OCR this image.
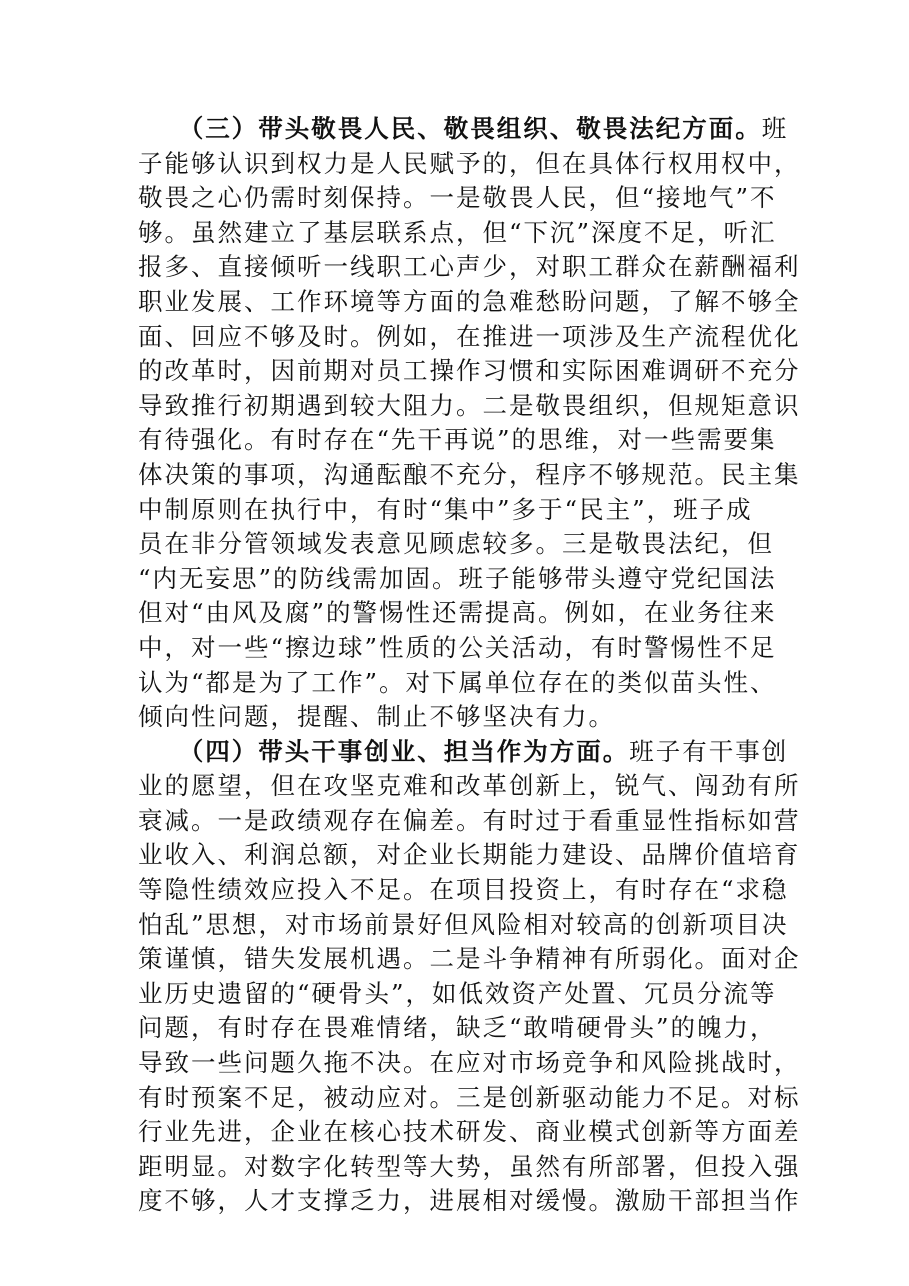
　　（三）带头敬畏人民、敬畏组织、敬畏法纪方面。班
子能够认识到权力是人民赋予的，但在具体行权用权中，
敬畏之心仍需时刻保持。一是敬畏人民，但“接地气”不
够。虽然建立了基层联系点，但“下沉”深度不足，听汇
报多、直接倾听一线职工心声少，对职工群众在薪酬福利
职业发展、工作环境等方面的急难愁盼问题，了解不够全
面、回应不够及时。例如，在推进一项涉及生产流程优化
的改革时，因前期对员工操作习惯和实际困难调研不充分
导致推行初期遇到较大阻力。二是敬畏组织，但规矩意识
有待强化。有时存在“先干再说”的思维，对一些需要集
体决策的事项，沟通酝酿不充分，程序不够规范。民主集
中制原则在执行中，有时“集中”多于“民主”，班子成
员在非分管领域发表意见顾虑较多。三是敬畏法纪，但
“内无妄思”的防线需加固。班子能够带头遵守党纪国法
但对“由风及腐”的警惕性还需提高。例如，在业务往来
中，对一些“擦边球”性质的公关活动，有时警惕性不足
认为“都是为了工作”。对下属单位存在的类似苗头性、
倾向性问题，提醒、制止不够坚决有力。
　　（四）带头干事创业、担当作为方面。班子有干事创
业的愿望，但在攻坚克难和改革创新上，锐气、闯劲有所
衰减。一是政绩观存在偏差。有时过于看重显性指标如营
业收入、利润总额，对企业长期能力建设、品牌价值培育
等隐性绩效应投入不足。在项目投资上，有时存在“求稳
怕乱”思想，对市场前景好但风险相对较高的创新项目决
策谨慎，错失发展机遇。二是斗争精神有所弱化。面对企
业历史遗留的“硬骨头”，如低效资产处置、冗员分流等
问题，有时存在畏难情绪，缺乏“敢啃硬骨头”的魄力，
导致一些问题久拖不决。在应对市场竞争和风险挑战时，
有时预案不足，被动应对。三是创新驱动能力不足。对标
行业先进，企业在核心技术研发、商业模式创新等方面差
距明显。对数字化转型等大势，虽然有所部署，但投入强
度不够，人才支撑乏力，进展相对缓慢。激励干部担当作
